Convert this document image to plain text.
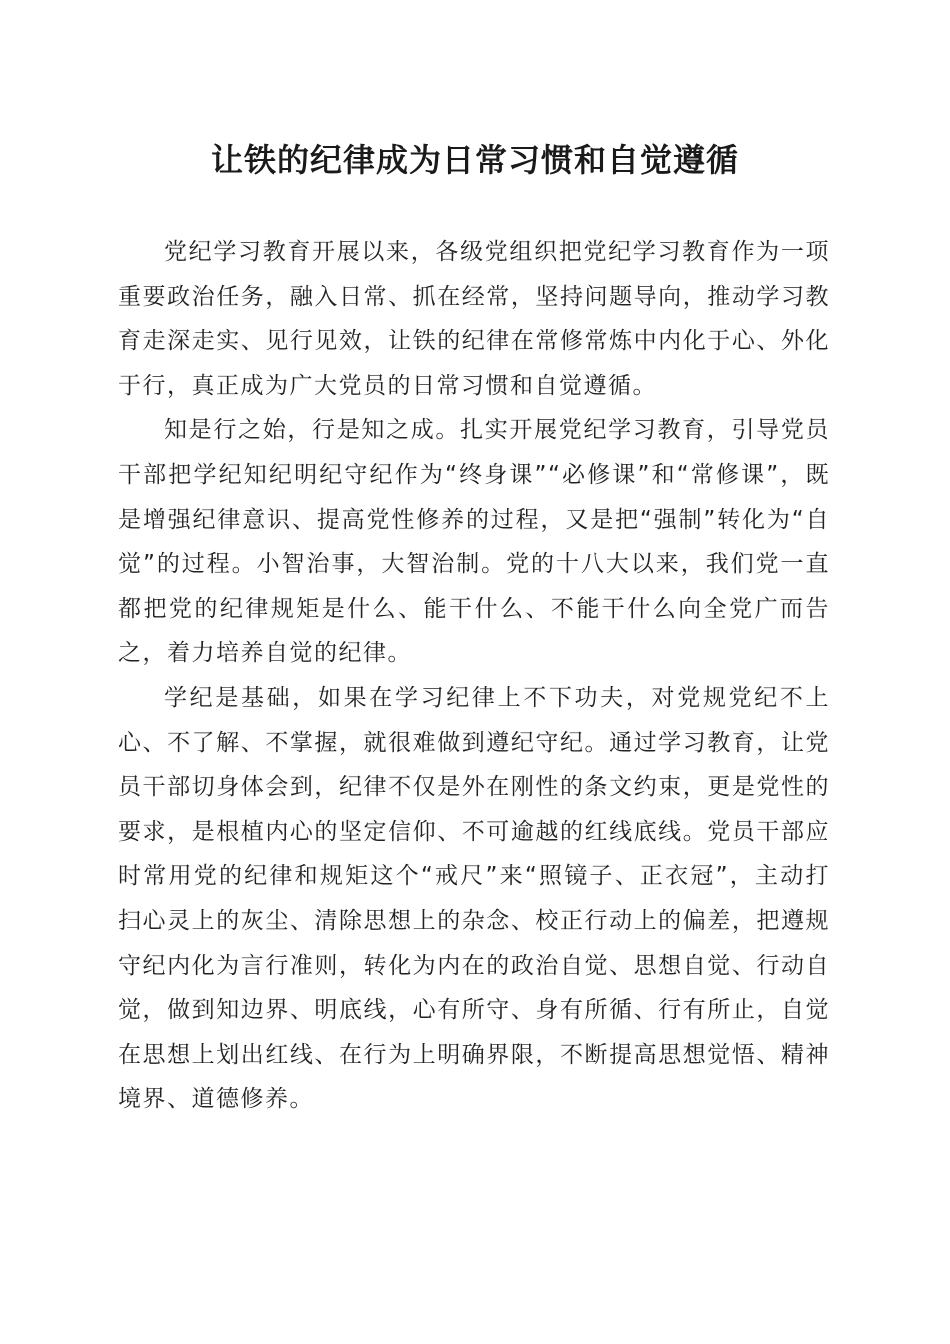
让铁的纪律成为日常习惯和自觉遵循

党纪学习教育开展以来，各级党组织把党纪学习教育作为一项重要政治任务，融入日常、抓在经常，坚持问题导向，推动学习教育走深走实、见行见效，让铁的纪律在常修常炼中内化于心、外化于行，真正成为广大党员的日常习惯和自觉遵循。

知是行之始，行是知之成。扎实开展党纪学习教育，引导党员干部把学纪知纪明纪守纪作为“终身课”“必修课”和“常修课”，既是增强纪律意识、提高党性修养的过程，又是把“强制”转化为“自觉”的过程。小智治事，大智治制。党的十八大以来，我们党一直都把党的纪律规矩是什么、能干什么、不能干什么向全党广而告之，着力培养自觉的纪律。

学纪是基础，如果在学习纪律上不下功夫，对党规党纪不上心、不了解、不掌握，就很难做到遵纪守纪。通过学习教育，让党员干部切身体会到，纪律不仅是外在刚性的条文约束，更是党性的要求，是根植内心的坚定信仰、不可逾越的红线底线。党员干部应时常用党的纪律和规矩这个“戒尺”来“照镜子、正衣冠”，主动打扫心灵上的灰尘、清除思想上的杂念、校正行动上的偏差，把遵规守纪内化为言行准则，转化为内在的政治自觉、思想自觉、行动自觉，做到知边界、明底线，心有所守、身有所循、行有所止，自觉在思想上划出红线、在行为上明确界限，不断提高思想觉悟、精神境界、道德修养。
